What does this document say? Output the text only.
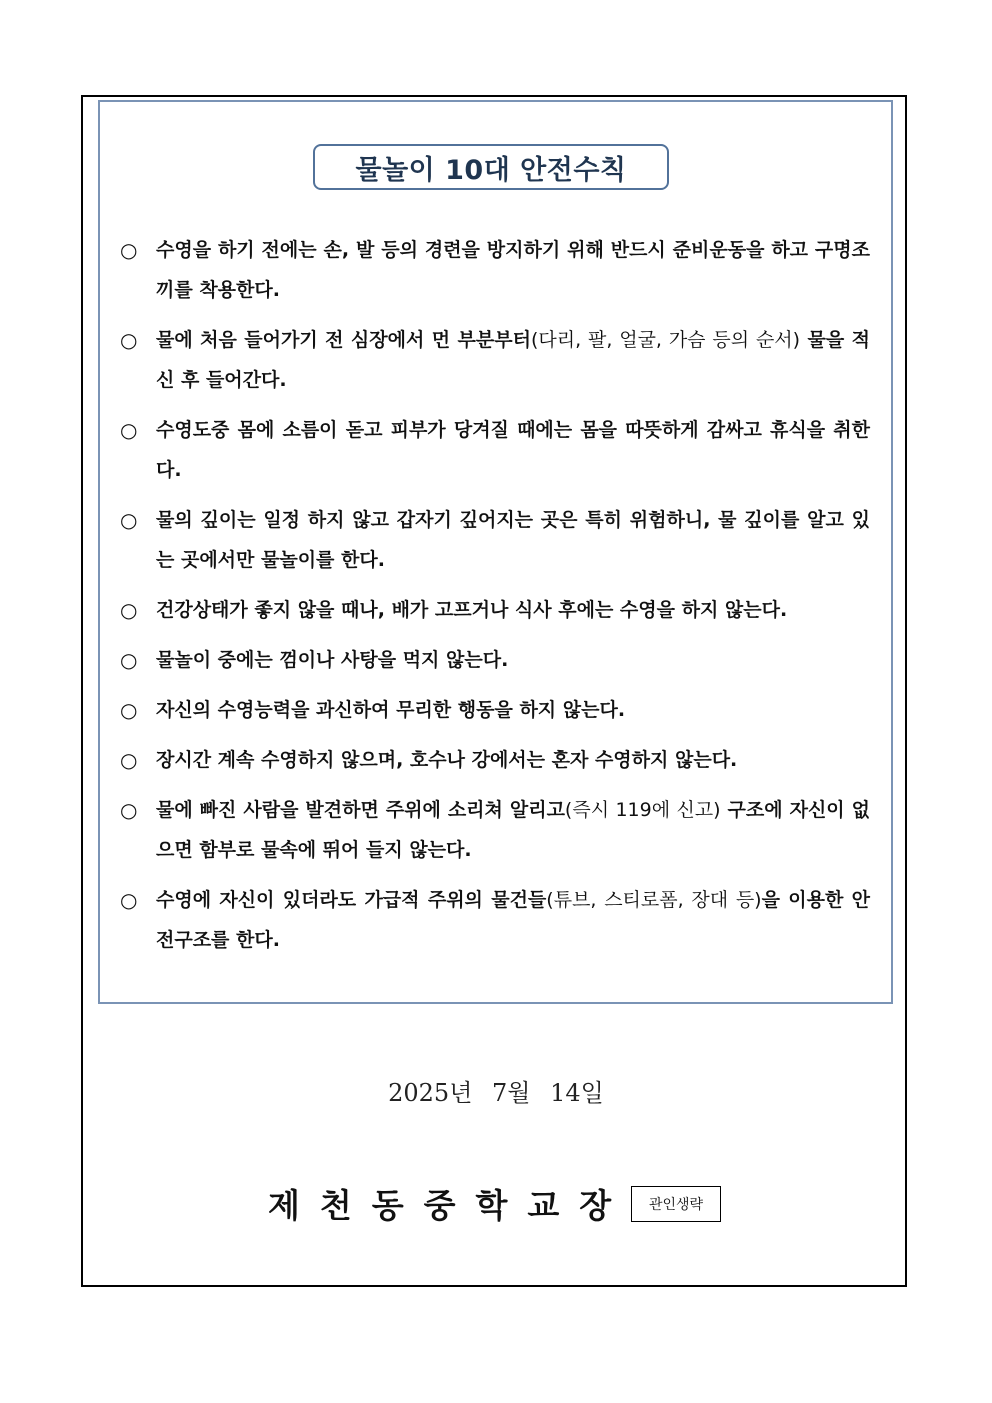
물놀이 10대 안전수칙
○ 수영을 하기 전에는 손, 발 등의 경련을 방지하기 위해 반드시 준비운동을 하고 구명조끼를 착용한다.
○ 물에 처음 들어가기 전 심장에서 먼 부분부터(다리, 팔, 얼굴, 가슴 등의 순서) 물을 적신 후 들어간다.
○ 수영도중 몸에 소름이 돋고 피부가 당겨질 때에는 몸을 따뜻하게 감싸고 휴식을 취한다.
○ 물의 깊이는 일정 하지 않고 갑자기 깊어지는 곳은 특히 위험하니, 물 깊이를 알고 있는 곳에서만 물놀이를 한다.
○ 건강상태가 좋지 않을 때나, 배가 고프거나 식사 후에는 수영을 하지 않는다.
○ 물놀이 중에는 껌이나 사탕을 먹지 않는다.
○ 자신의 수영능력을 과신하여 무리한 행동을 하지 않는다.
○ 장시간 계속 수영하지 않으며, 호수나 강에서는 혼자 수영하지 않는다.
○ 물에 빠진 사람을 발견하면 주위에 소리쳐 알리고(즉시 119에 신고) 구조에 자신이 없으면 함부로 물속에 뛰어 들지 않는다.
○ 수영에 자신이 있더라도 가급적 주위의 물건들(튜브, 스티로폼, 장대 등)을 이용한 안전구조를 한다.
2025년 7월 14일
제천동중학교장	관인생략
